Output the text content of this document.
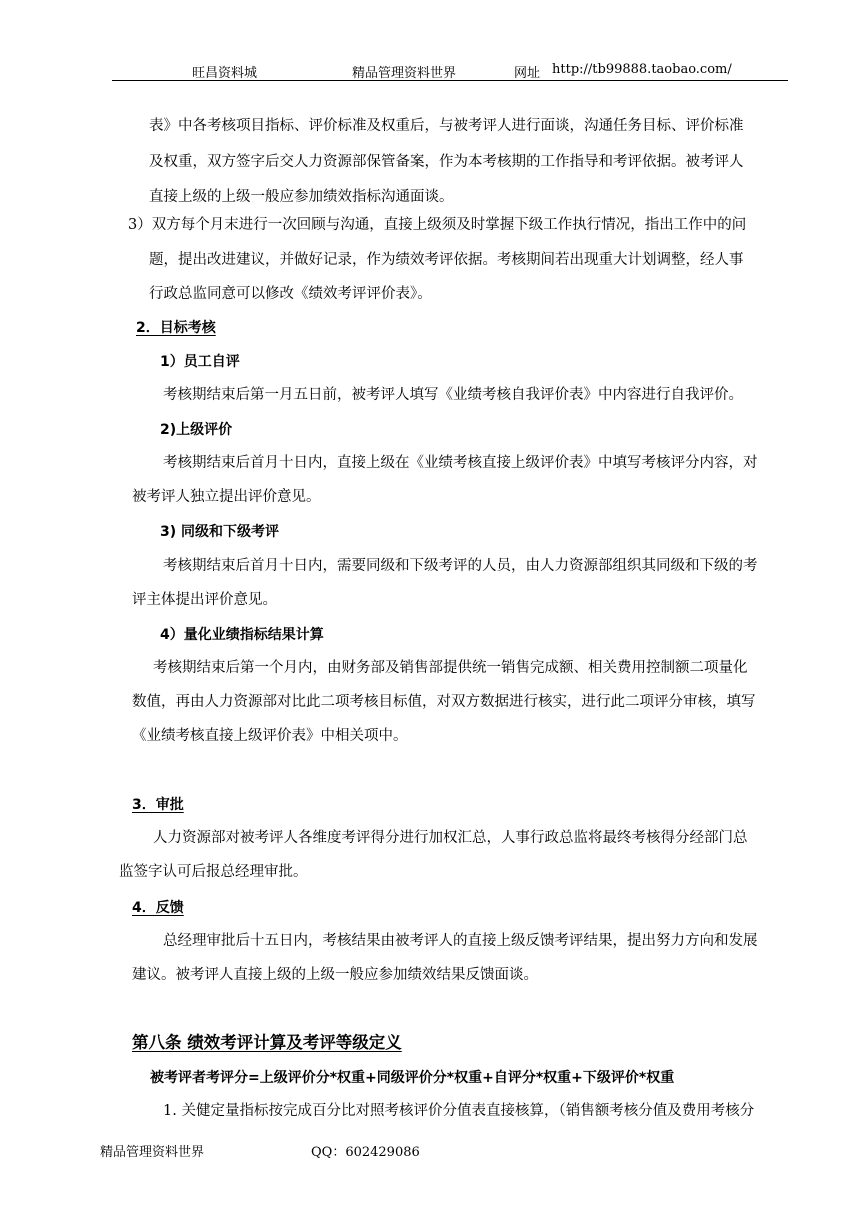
旺昌资料城	精品管理资料世界	网址 http://tb99888.taobao.com/
表》中各考核项目指标、评价标准及权重后，与被考评人进行面谈，沟通任务目标、评价标准
及权重，双方签字后交人力资源部保管备案，作为本考核期的工作指导和考评依据。被考评人
直接上级的上级一般应参加绩效指标沟通面谈。
3）双方每个月末进行一次回顾与沟通，直接上级须及时掌握下级工作执行情况，指出工作中的问
题，提出改进建议，并做好记录，作为绩效考评依据。考核期间若出现重大计划调整，经人事
行政总监同意可以修改《绩效考评评价表》。
2．目标考核
1）员工自评
考核期结束后第一月五日前，被考评人填写《业绩考核自我评价表》中内容进行自我评价。
2)上级评价
考核期结束后首月十日内，直接上级在《业绩考核直接上级评价表》中填写考核评分内容，对
被考评人独立提出评价意见。
3) 同级和下级考评
考核期结束后首月十日内，需要同级和下级考评的人员，由人力资源部组织其同级和下级的考
评主体提出评价意见。
4）量化业绩指标结果计算
考核期结束后第一个月内，由财务部及销售部提供统一销售完成额、相关费用控制额二项量化
数值，再由人力资源部对比此二项考核目标值，对双方数据进行核实，进行此二项评分审核，填写
《业绩考核直接上级评价表》中相关项中。
3．审批
人力资源部对被考评人各维度考评得分进行加权汇总，人事行政总监将最终考核得分经部门总
监签字认可后报总经理审批。
4．反馈
总经理审批后十五日内，考核结果由被考评人的直接上级反馈考评结果，提出努力方向和发展
建议。被考评人直接上级的上级一般应参加绩效结果反馈面谈。
第八条 绩效考评计算及考评等级定义
被考评者考评分=上级评价分*权重+同级评价分*权重+自评分*权重+下级评价*权重
1. 关健定量指标按完成百分比对照考核评价分值表直接核算，（销售额考核分值及费用考核分
精品管理资料世界	QQ：602429086
